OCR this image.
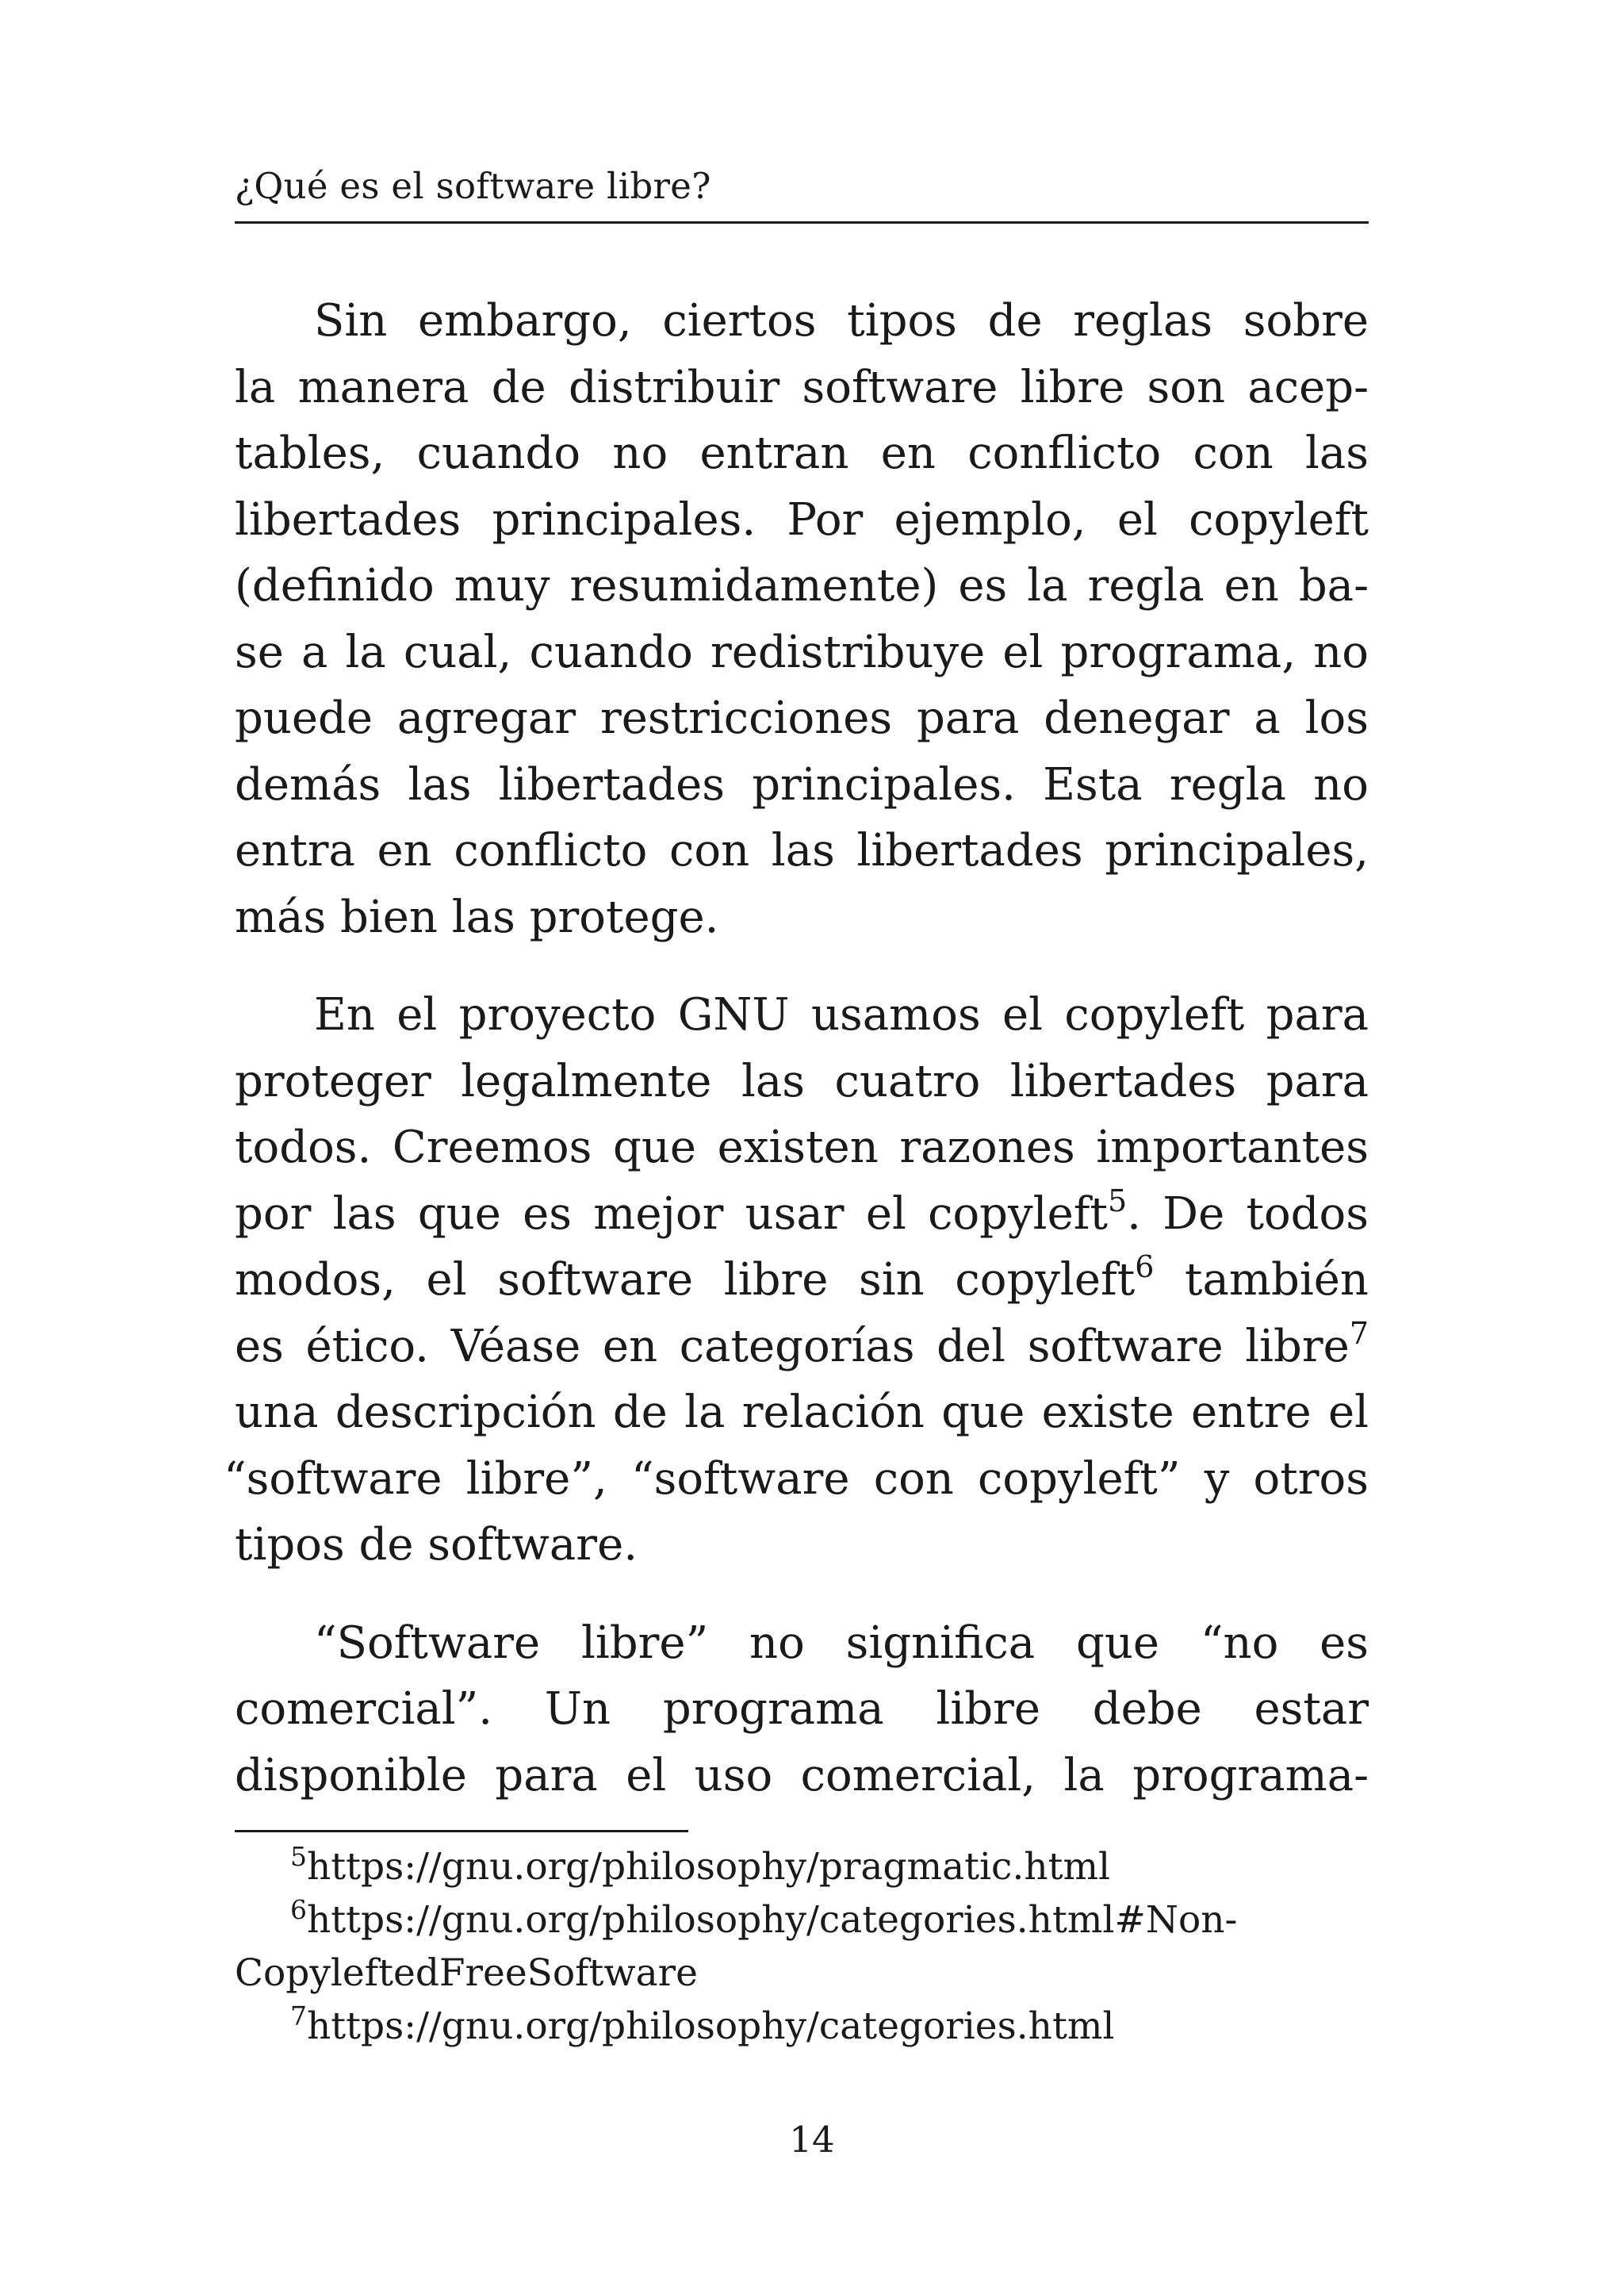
¿Qué es el software libre?
Sin embargo, ciertos tipos de reglas sobre
la manera de distribuir software libre son acep-
tables, cuando no entran en conflicto con las
libertades principales. Por ejemplo, el copyleft
(definido muy resumidamente) es la regla en ba-
se a la cual, cuando redistribuye el programa, no
puede agregar restricciones para denegar a los
demás las libertades principales. Esta regla no
entra en conflicto con las libertades principales,
más bien las protege.
En el proyecto GNU usamos el copyleft para
proteger legalmente las cuatro libertades para
todos. Creemos que existen razones importantes
por las que es mejor usar el copyleft$^5$. De todos
modos, el software libre sin copyleft$^6$ también
es ético. Véase en categorías del software libre$^7$
una descripción de la relación que existe entre el
“software libre”, “software con copyleft” y otros
tipos de software.
“Software libre” no significa que “no es
comercial”. Un programa libre debe estar
disponible para el uso comercial, la programa-
$^5$https://gnu.org/philosophy/pragmatic.html
$^6$https://gnu.org/philosophy/categories.html#Non-
CopyleftedFreeSoftware
$^7$https://gnu.org/philosophy/categories.html
14
